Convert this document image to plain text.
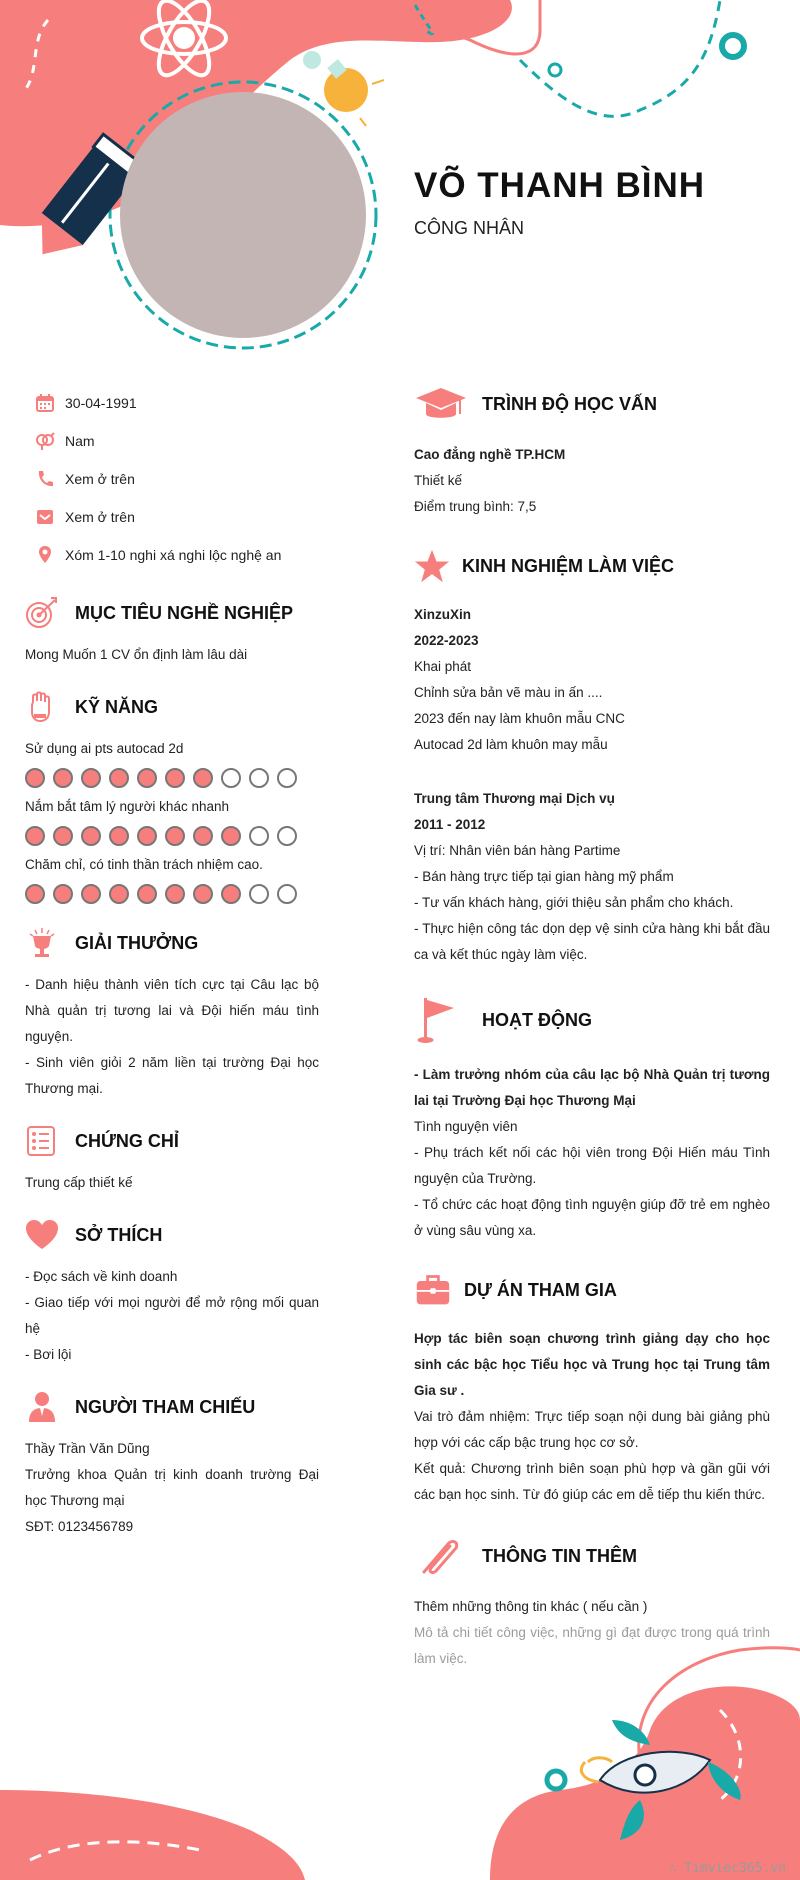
VÕ THANH BÌNH
CÔNG NHÂN
30-04-1991
Nam
Xem ở trên
Xem ở trên
Xóm 1-10 nghi xá nghi lộc nghệ an
MỤC TIÊU NGHỀ NGHIỆP

Mong Muốn 1 CV ổn định làm lâu dài

KỸ NĂNG
Sử dụng ai pts autocad 2d
Nắm bắt tâm lý người khác nhanh
Chăm chỉ, có tinh thần trách nhiệm cao.
GIẢI THƯỞNG

- Danh hiệu thành viên tích cực tại Câu lạc bộ Nhà quản trị tương lai và Đội hiến máu tình nguyện.

- Sinh viên giỏi 2 năm liền tại trường Đại học Thương mại.

CHỨNG CHỈ

Trung cấp thiết kế

SỞ THÍCH

- Đọc sách về kinh doanh

- Giao tiếp với mọi người để mở rộng mối quan hệ

- Bơi lội

NGƯỜI THAM CHIẾU

Thầy Trần Văn Dũng

Trưởng khoa Quản trị kinh doanh trường Đại học Thương mại

SĐT: 0123456789

TRÌNH ĐỘ HỌC VẤN

Cao đẳng nghề TP.HCM

Thiết kế

Điểm trung bình: 7,5

KINH NGHIỆM LÀM VIỆC

XinzuXin

2022-2023

Khai phát

Chỉnh sửa bản vẽ màu in ấn ....

2023 đến nay làm khuôn mẫu CNC

Autocad 2d làm khuôn may mẫu

Trung tâm Thương mại Dịch vụ

2011 - 2012

Vị trí: Nhân viên bán hàng Partime

- Bán hàng trực tiếp tại gian hàng mỹ phẩm

- Tư vấn khách hàng, giới thiệu sản phẩm cho khách.

- Thực hiện công tác dọn dẹp vệ sinh cửa hàng khi bắt đầu ca và kết thúc ngày làm việc.

HOẠT ĐỘNG

- Làm trưởng nhóm của câu lạc bộ Nhà Quản trị tương lai tại Trường Đại học Thương Mại

Tình nguyện viên

- Phụ trách kết nối các hội viên trong Đội Hiến máu Tình nguyện của Trường.

- Tổ chức các hoạt động tình nguyện giúp đỡ trẻ em nghèo ở vùng sâu vùng xa.

DỰ ÁN THAM GIA

Hợp tác biên soạn chương trình giảng dạy cho học sinh các bậc học Tiểu học và Trung học tại Trung tâm Gia sư .

Vai trò đảm nhiệm: Trực tiếp soạn nội dung bài giảng phù hợp với các cấp bậc trung học cơ sở.

Kết quả: Chương trình biên soạn phù hợp và gần gũi với các bạn học sinh. Từ đó giúp các em dễ tiếp thu kiến thức.

THÔNG TIN THÊM

Thêm những thông tin khác ( nếu cần )

Mô tả chi tiết công việc, những gì đạt được trong quá trình làm việc.

∴ Timviec365.vn
